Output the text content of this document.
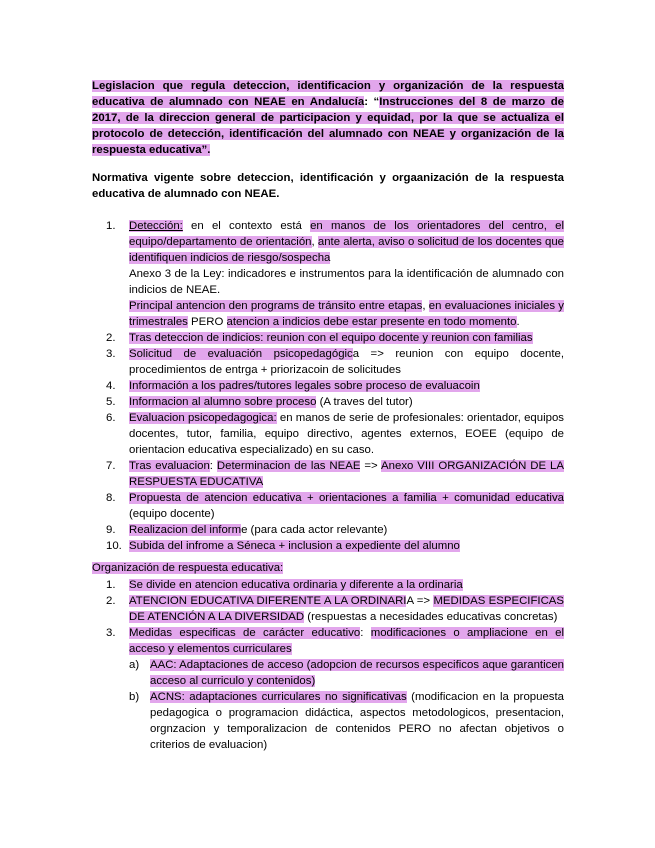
Legislacion que regula deteccion, identificacion y organización de la respuesta educativa de alumnado con NEAE en Andalucía: “Instrucciones del 8 de marzo de 2017, de la direccion general de participacion y equidad, por la que se actualiza el protocolo de detección, identificación del alumnado con NEAE y organización de la respuesta educativa”.
Normativa vigente sobre deteccion, identificación y orgaanización de la respuesta educativa de alumnado con NEAE.
1.	Detección: en el contexto está en manos de los orientadores del centro, el equipo/departamento de orientación, ante alerta, aviso o solicitud de los docentes que identifiquen indicios de riesgo/sospecha
Anexo 3 de la Ley: indicadores e instrumentos para la identificación de alumnado con indicios de NEAE.
Principal antencion den programs de tránsito entre etapas, en evaluaciones iniciales y trimestrales PERO atencion a indicios debe estar presente en todo momento.
2.	Tras deteccion de indicios: reunion con el equipo docente y reunion con familias
3.	Solicitud de evaluación psicopedagógica => reunion con equipo docente, procedimientos de entrga + priorizacoin de solicitudes
4.	Información a los padres/tutores legales sobre proceso de evaluacoin
5.	Informacion al alumno sobre proceso (A traves del tutor)
6.	Evaluacion psicopedagogica: en manos de serie de profesionales: orientador, equipos docentes, tutor, familia, equipo directivo, agentes externos, EOEE (equipo de orientacion educativa especializado) en su caso.
7.	Tras evaluacion: Determinacion de las NEAE => Anexo VIII ORGANIZACIÓN DE LA RESPUESTA EDUCATIVA
8.	Propuesta de atencion educativa + orientaciones a familia + comunidad educativa (equipo docente)
9.	Realizacion del informe (para cada actor relevante)
10. Subida del infrome a Séneca + inclusion a expediente del alumno
Organización de respuesta educativa:
1.	Se divide en atencion educativa ordinaria y diferente a la ordinaria
2.	ATENCION EDUCATIVA DIFERENTE A LA ORDINARIA => MEDIDAS ESPECIFICAS DE ATENCIÓN A LA DIVERSIDAD (respuestas a necesidades educativas concretas)
3.	Medidas especificas de carácter educativo: modificaciones o ampliacione en el acceso y elementos curriculares
a) AAC: Adaptaciones de acceso (adopcion de recursos especificos aque garanticen acceso al curriculo y contenidos)
b) ACNS: adaptaciones curriculares no significativas (modificacion en la propuesta pedagogica o programacion didáctica, aspectos metodologicos, presentacion, orgnzacion y temporalizacion de contenidos PERO no afectan objetivos o criterios de evaluacion)
